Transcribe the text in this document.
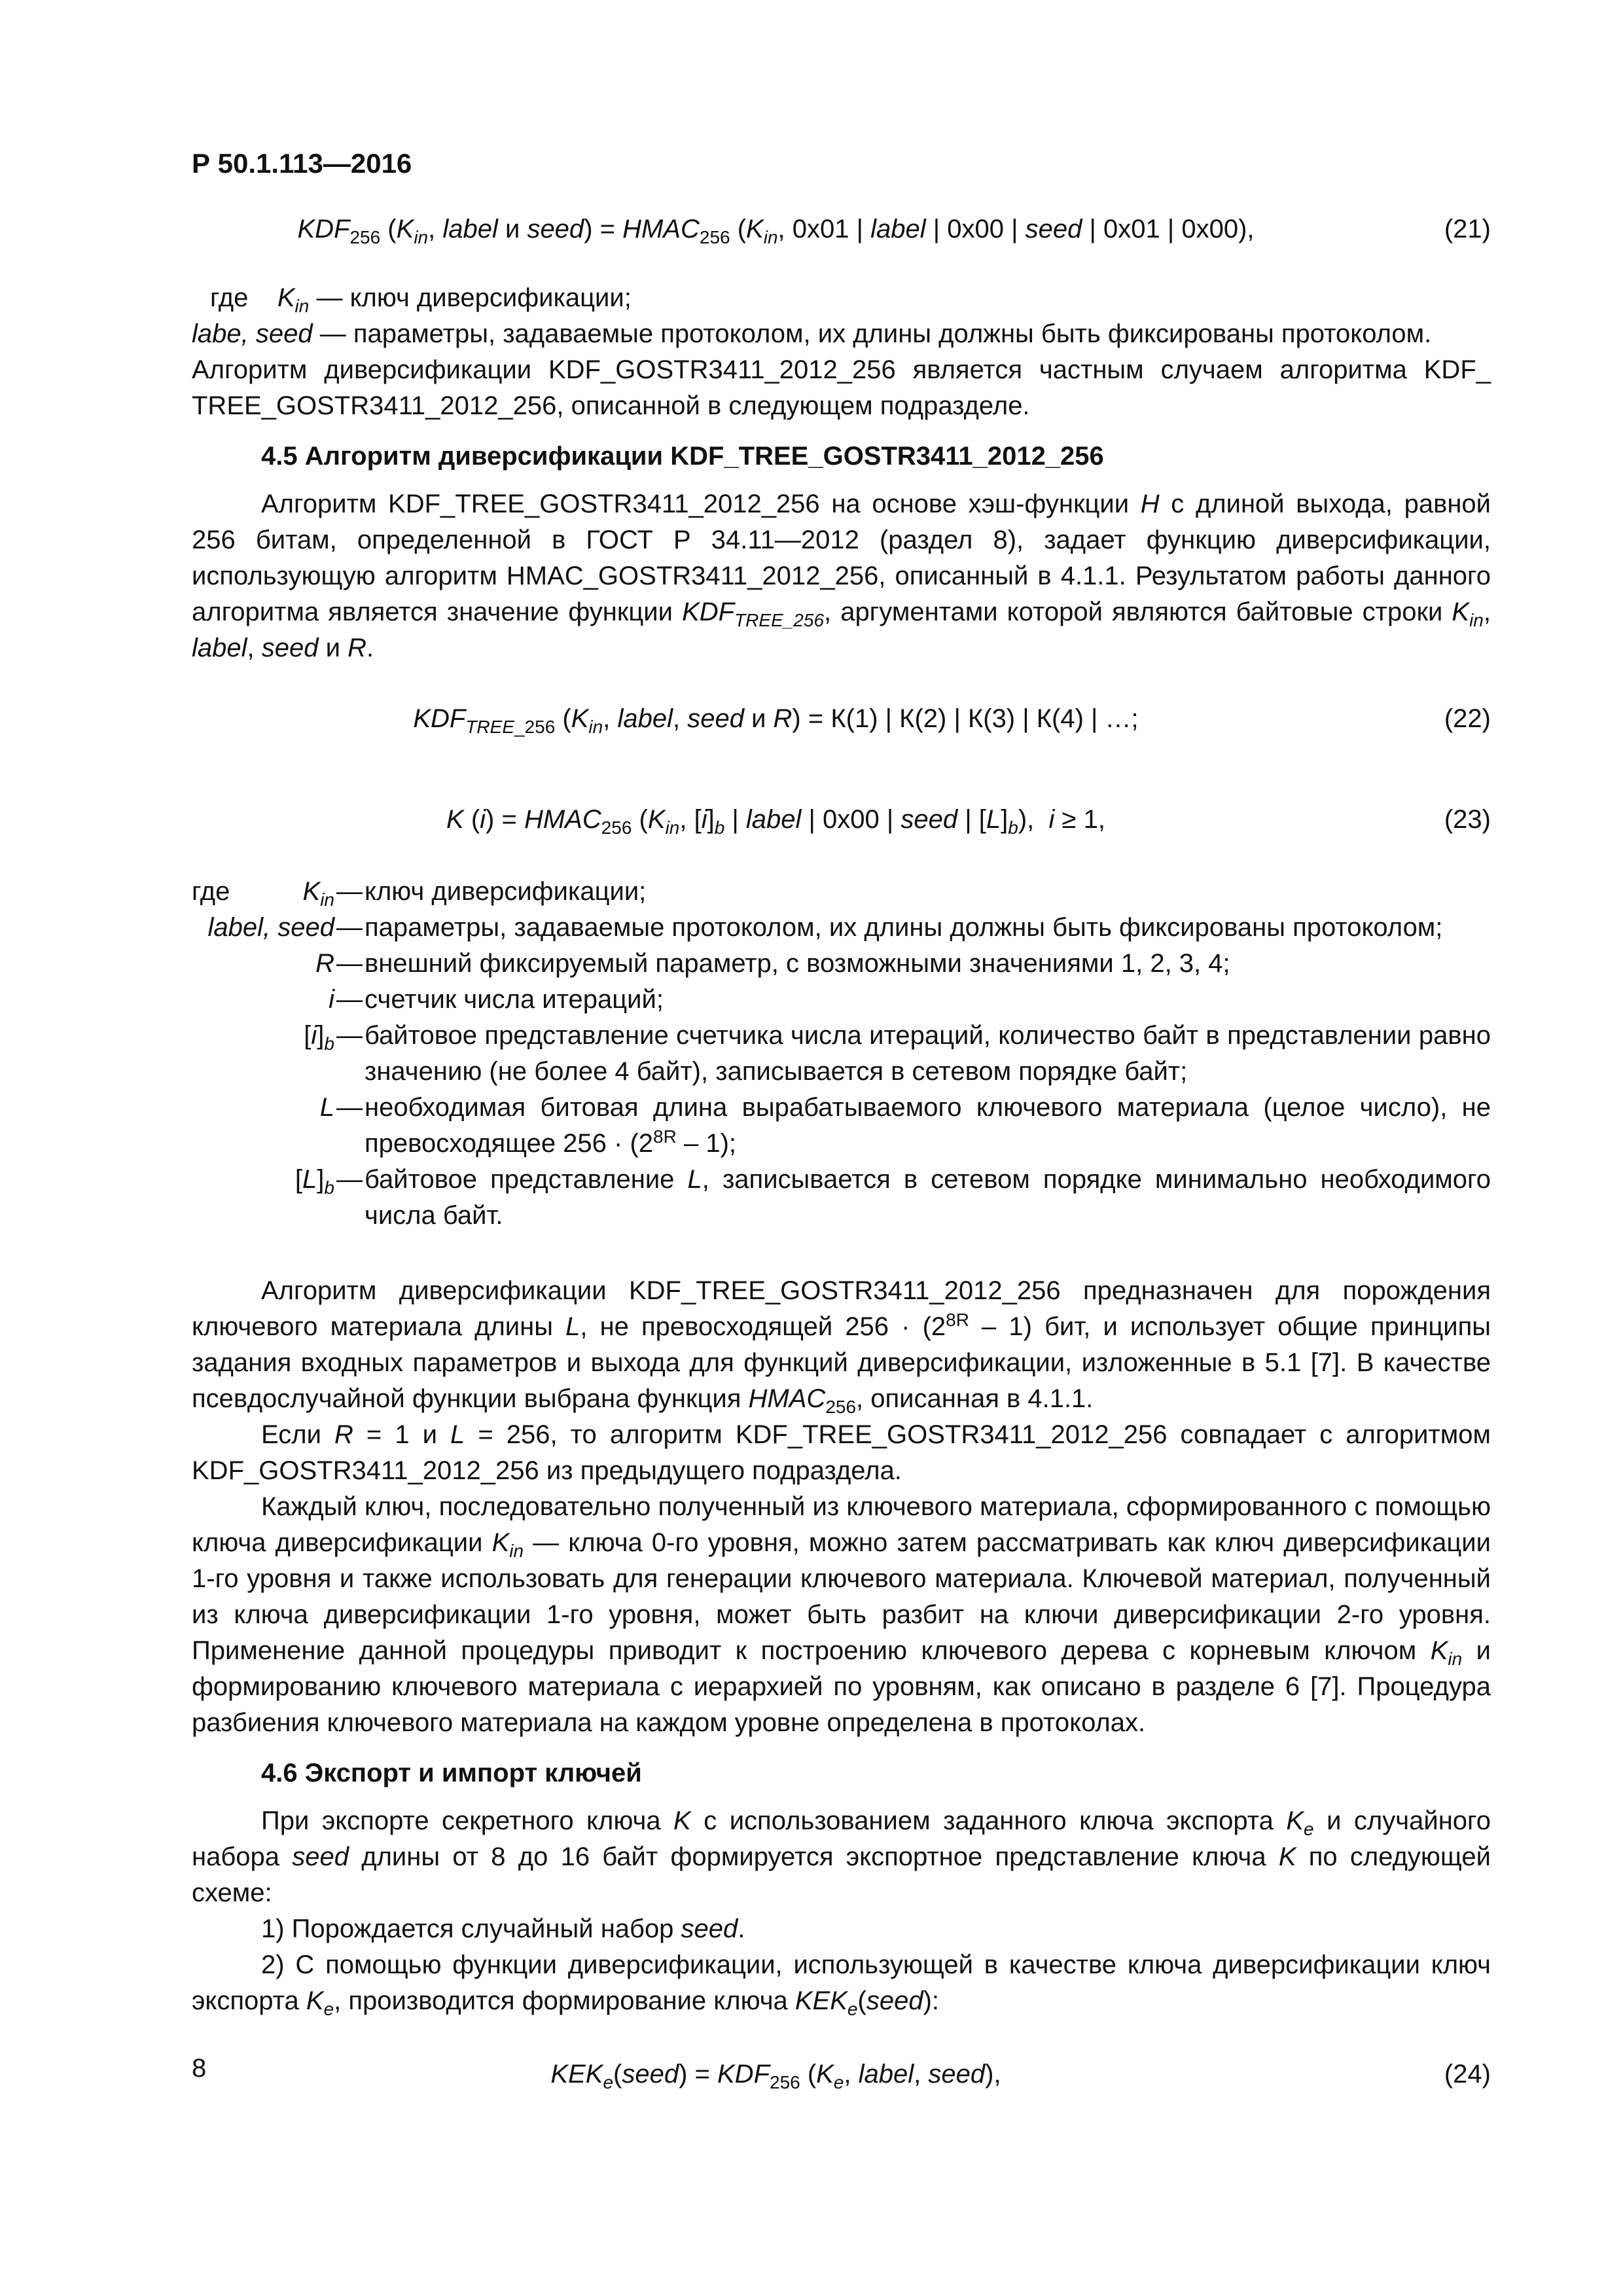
Р 50.1.113—2016
$KDF_{256}$ ($K_{in}$, label и seed) = $HMAC_{256}$ ($K_{in}$, 0x01 | label | 0x00 | seed | 0x01 | 0x00),	(21)

где $K_{in}$ — ключ диверсификации;

labe, seed — параметры, задаваемые протоколом, их длины должны быть фиксированы протоколом.

Алгоритм диверсификации KDF_GOSTR3411_2012_256 является частным случаем алгоритма KDF_ TREE_GOSTR3411_2012_256, описанной в следующем подразделе.

4.5 Алгоритм диверсификации KDF_TREE_GOSTR3411_2012_256

Алгоритм KDF_TREE_GOSTR3411_2012_256 на основе хэш-функции H с длиной выхода, равной 256 битам, определенной в ГОСТ Р 34.11—2012 (раздел 8), задает функцию диверсификации, использующую алгоритм HMAC_GOSTR3411_2012_256, описанный в 4.1.1. Результатом работы данного алгоритма является значение функции $KDF_{TREE\_256}$, аргументами которой являются байтовые строки $K_{in}$, label, seed и R.

$KDF_{TREE\_256}$ ($K_{in}$, label, seed и R) = К(1) | К(2) | К(3) | К(4) | …;	(22)
K $(i) = HMAC_{256}$ ($K_{in}$, $[i]_b$ | label | 0x00 | seed | $[L]_b$),  i ≥ 1,	(23)
где	$K_{in}$ — ключ диверсификации;
label, seed — параметры, задаваемые протоколом, их длины должны быть фиксированы протоколом;
R — внешний фиксируемый параметр, с возможными значениями 1, 2, 3, 4;
i — счетчик числа итераций;
$[i]_b$ — байтовое представление счетчика числа итераций, количество байт в представлении равно значению (не более 4 байт), записывается в сетевом порядке байт;
L — необходимая битовая длина вырабатываемого ключевого материала (целое число), не превосходящее $256 \cdot (2^{8R} - 1)$;
$[L]_b$ — байтовое представление L, записывается в сетевом порядке минимально необходимого числа байт.

Алгоритм диверсификации KDF_TREE_GOSTR3411_2012_256 предназначен для порождения ключевого материала длины L, не превосходящей $256 \cdot (2^{8R} - 1)$ бит, и использует общие принципы задания входных параметров и выхода для функций диверсификации, изложенные в 5.1 [7]. В качестве псевдослучайной функции выбрана функция $HMAC_{256}$, описанная в 4.1.1.

Если R = 1 и L = 256, то алгоритм KDF_TREE_GOSTR3411_2012_256 совпадает с алгоритмом KDF_GOSTR3411_2012_256 из предыдущего подраздела.

Каждый ключ, последовательно полученный из ключевого материала, сформированного с помощью ключа диверсификации $K_{in}$ — ключа 0-го уровня, можно затем рассматривать как ключ диверсификации 1-го уровня и также использовать для генерации ключевого материала. Ключевой материал, полученный из ключа диверсификации 1-го уровня, может быть разбит на ключи диверсификации 2-го уровня. Применение данной процедуры приводит к построению ключевого дерева с корневым ключом $K_{in}$ и формированию ключевого материала с иерархией по уровням, как описано в разделе 6 [7]. Процедура разбиения ключевого материала на каждом уровне определена в протоколах.

4.6 Экспорт и импорт ключей

При экспорте секретного ключа K с использованием заданного ключа экспорта $K_e$ и случайного набора seed длины от 8 до 16 байт формируется экспортное представление ключа K по следующей схеме:

1) Порождается случайный набор seed.

2) С помощью функции диверсификации, использующей в качестве ключа диверсификации ключ экспорта $K_e$, производится формирование ключа $KEK_e(seed)$:

$KEK_e(seed) = KDF_{256}$ ($K_e$, label, seed),	(24)
8
